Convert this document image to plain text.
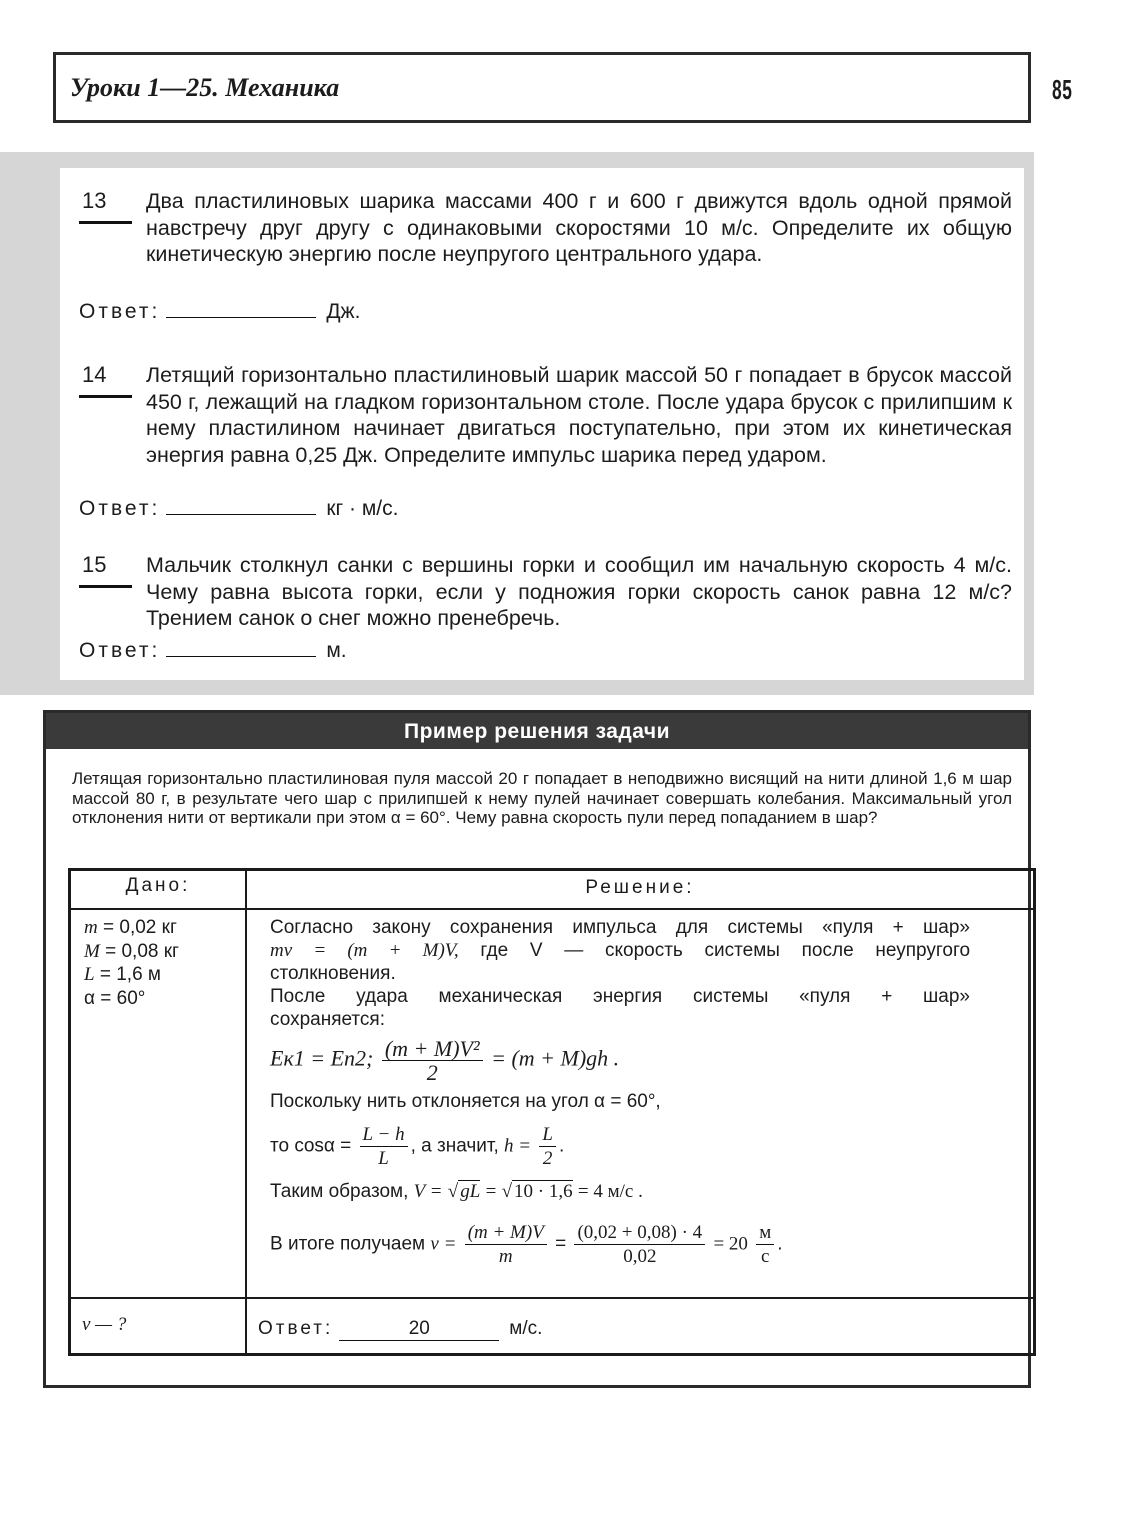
Уроки 1—25. Механика	85
13 Два пластилиновых шарика массами 400 г и 600 г движутся вдоль одной прямой навстречу друг другу с одинаковыми скоростями 10 м/с. Определите их общую кинетическую энергию после неупругого центрального удара.
Ответ:	Дж.
14 Летящий горизонтально пластилиновый шарик массой 50 г попадает в брусок массой 450 г, лежащий на гладком горизонтальном столе. После удара брусок с прилипшим к нему пластилином начинает двигаться поступательно, при этом их кинетическая энергия равна 0,25 Дж. Определите импульс шарика перед ударом.
Ответ:	кг · м/с.
15 Мальчик столкнул санки с вершины горки и сообщил им начальную скорость 4 м/с. Чему равна высота горки, если у подножия горки скорость санок равна 12 м/с? Трением санок о снег можно пренебречь.
Ответ:	м.
Пример решения задачи
Летящая горизонтально пластилиновая пуля массой 20 г попадает в неподвижно висящий на нити длиной 1,6 м шар массой 80 г, в результате чего шар с прилипшей к нему пулей начинает совершать колебания. Максимальный угол отклонения нити от вертикали при этом α = 60°. Чему равна скорость пули перед попаданием в шар?
Дано:	Решение:
m = 0,02 кг
M = 0,08 кг
L = 1,6 м
α = 60°
Согласно закону сохранения импульса для системы «пуля + шар»
mv = (m + M)V, где V — скорость системы после неупругого
столкновения.
После удара механическая энергия системы «пуля + шар»
сохраняется:
Eк1 = Eп2; $\frac{\text{(m + M)V²}}{2} = (m + M)gh$ .
Поскольку нить отклоняется на угол α = 60°,
то $\cos\alpha = \frac{L - h}{L}$ , а значит, $h = \frac{L}{2}$ .
Таким образом, V = √ gL = √ 10 · 1,6 = 4 м/с .
В итоге получаем $v = \frac{(m + M)V}{m} = \frac{(0,02 + 0,08) \cdot 4}{0,02} = 20 \frac{м}{с}$ .
v — ?	Ответ:	20	м/с.
